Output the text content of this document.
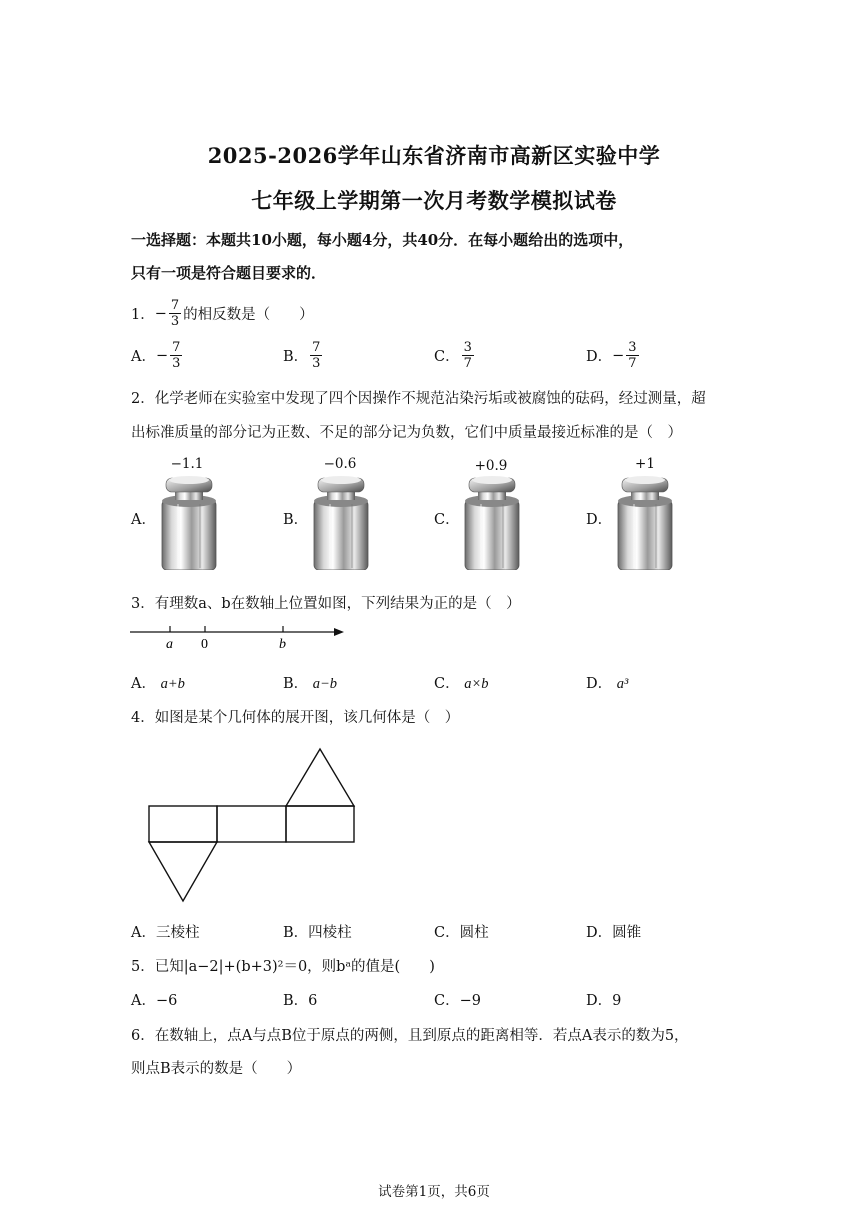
2025-2026学年山东省济南市高新区实验中学
七年级上学期第一次月考数学模拟试卷
一选择题：本题共10小题，每小题4分，共40分．在每小题给出的选项中，
只有一项是符合题目要求的．
1． − $\frac{7}{3}$ 的相反数是（　　）
A． − $\frac{7}{3}$	B． $\frac{7}{3}$	C． $\frac{3}{7}$	D． − $\frac{3}{7}$
2．化学老师在实验室中发现了四个因操作不规范沾染污垢或被腐蚀的砝码，经过测量，超
出标准质量的部分记为正数、不足的部分记为负数，它们中质量最接近标准的是（　）
A．
−1.1
B．
−0.6
C．
+0.9
D．
+1
3．有理数a、b在数轴上位置如图，下列结果为正的是（　）
a 0	b
A． a+b	B． a−b	C． a×b	D． a³
4．如图是某个几何体的展开图，该几何体是（　）
A．三棱柱	B．四棱柱	C．圆柱	D．圆锥
5．已知|a−2|+(b+3)²＝0，则bᵃ的值是(　　)
A．−6	B．6	C．−9	D．9
6．在数轴上，点A与点B位于原点的两侧，且到原点的距离相等．若点A表示的数为5，
则点B表示的数是（　　）
试卷第1页，共6页
